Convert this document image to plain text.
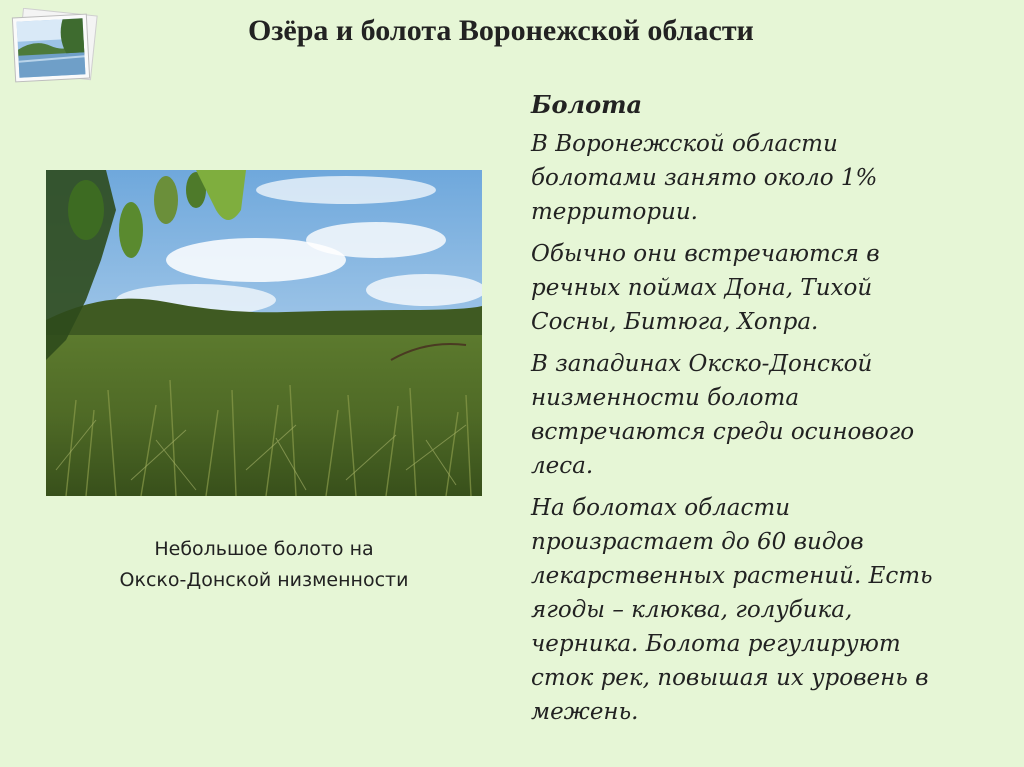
Озёра и болота Воронежской области
Небольшое болото на
Окско-Донской низменности
Болота
В Воронежской области
болотами занято около 1%
территории.
Обычно они встречаются в
речных поймах Дона, Тихой
Сосны, Битюга, Хопра.
В западинах Окско-Донской
низменности болота
встречаются среди осинового
леса.
На болотах области
произрастает до 60 видов
лекарственных растений. Есть
ягоды – клюква, голубика,
черника. Болота регулируют
сток рек, повышая их уровень в
межень.
